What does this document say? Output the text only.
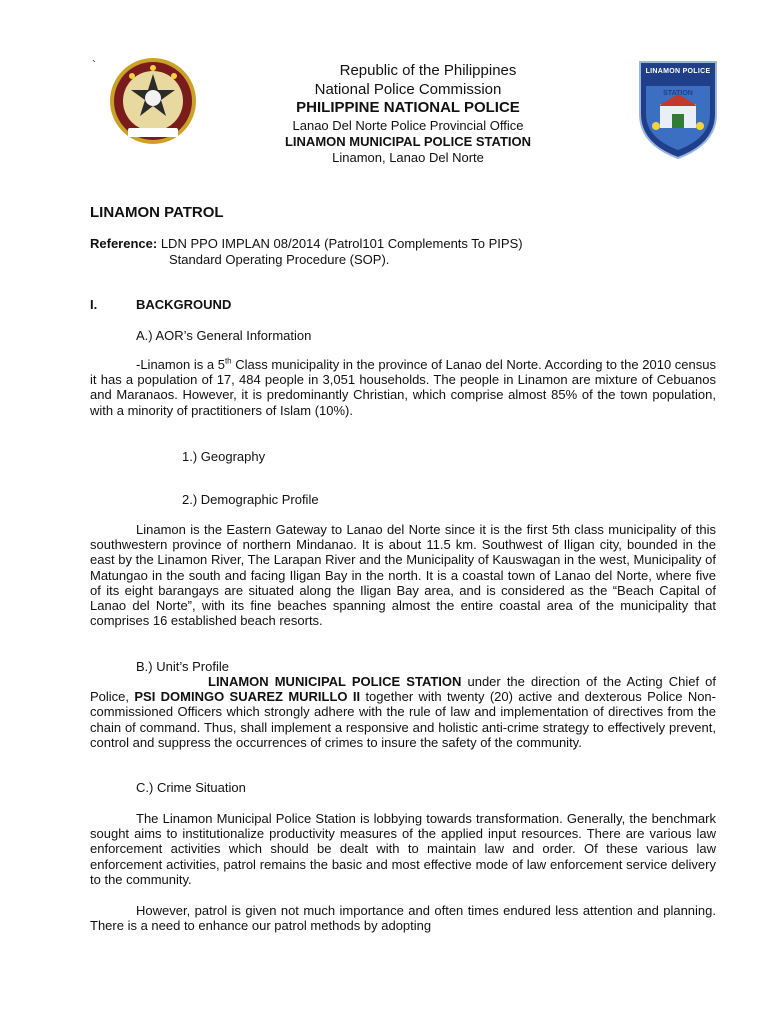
`	LINAMON POLICE
STATION
Republic of the Philippines
National Police Commission
PHILIPPINE NATIONAL POLICE
Lanao Del Norte Police Provincial Office
LINAMON MUNICIPAL POLICE STATION
Linamon, Lanao Del Norte
LINAMON PATROL
Reference: LDN PPO IMPLAN 08/2014 (Patrol101 Complements To PIPS)
Standard Operating Procedure (SOP).
I.	BACKGROUND
A.) AOR’s General Information
-Linamon is a 5th Class municipality in the province of Lanao del Norte. According to the 2010 census it has a population of 17, 484 people in 3,051 households. The people in Linamon are mixture of Cebuanos and Maranaos. However, it is predominantly Christian, which comprise almost 85% of the town population, with a minority of practitioners of Islam (10%).
1.) Geography
2.) Demographic Profile
Linamon is the Eastern Gateway to Lanao del Norte since it is the first 5th class municipality of this southwestern province of northern Mindanao. It is about 11.5 km. Southwest of Iligan city, bounded in the east by the Linamon River, The Larapan River and the Municipality of Kauswagan in the west, Municipality of Matungao in the south and facing Iligan Bay in the north. It is a coastal town of Lanao del Norte, where five of its eight barangays are situated along the Iligan Bay area, and is considered as the “Beach Capital of Lanao del Norte”, with its fine beaches spanning almost the entire coastal area of the municipality that comprises 16 established beach resorts.
B.) Unit’s Profile
LINAMON MUNICIPAL POLICE STATION under the direction of the Acting Chief of Police, PSI DOMINGO SUAREZ MURILLO II together with twenty (20) active and dexterous Police Non-commissioned Officers which strongly adhere with the rule of law and implementation of directives from the chain of command. Thus, shall implement a responsive and holistic anti-crime strategy to effectively prevent, control and suppress the occurrences of crimes to insure the safety of the community.
C.) Crime Situation
The Linamon Municipal Police Station is lobbying towards transformation. Generally, the benchmark sought aims to institutionalize productivity measures of the applied input resources. There are various law enforcement activities which should be dealt with to maintain law and order. Of these various law enforcement activities, patrol remains the basic and most effective mode of law enforcement service delivery to the community.
However, patrol is given not much importance and often times endured less attention and planning. There is a need to enhance our patrol methods by adopting
